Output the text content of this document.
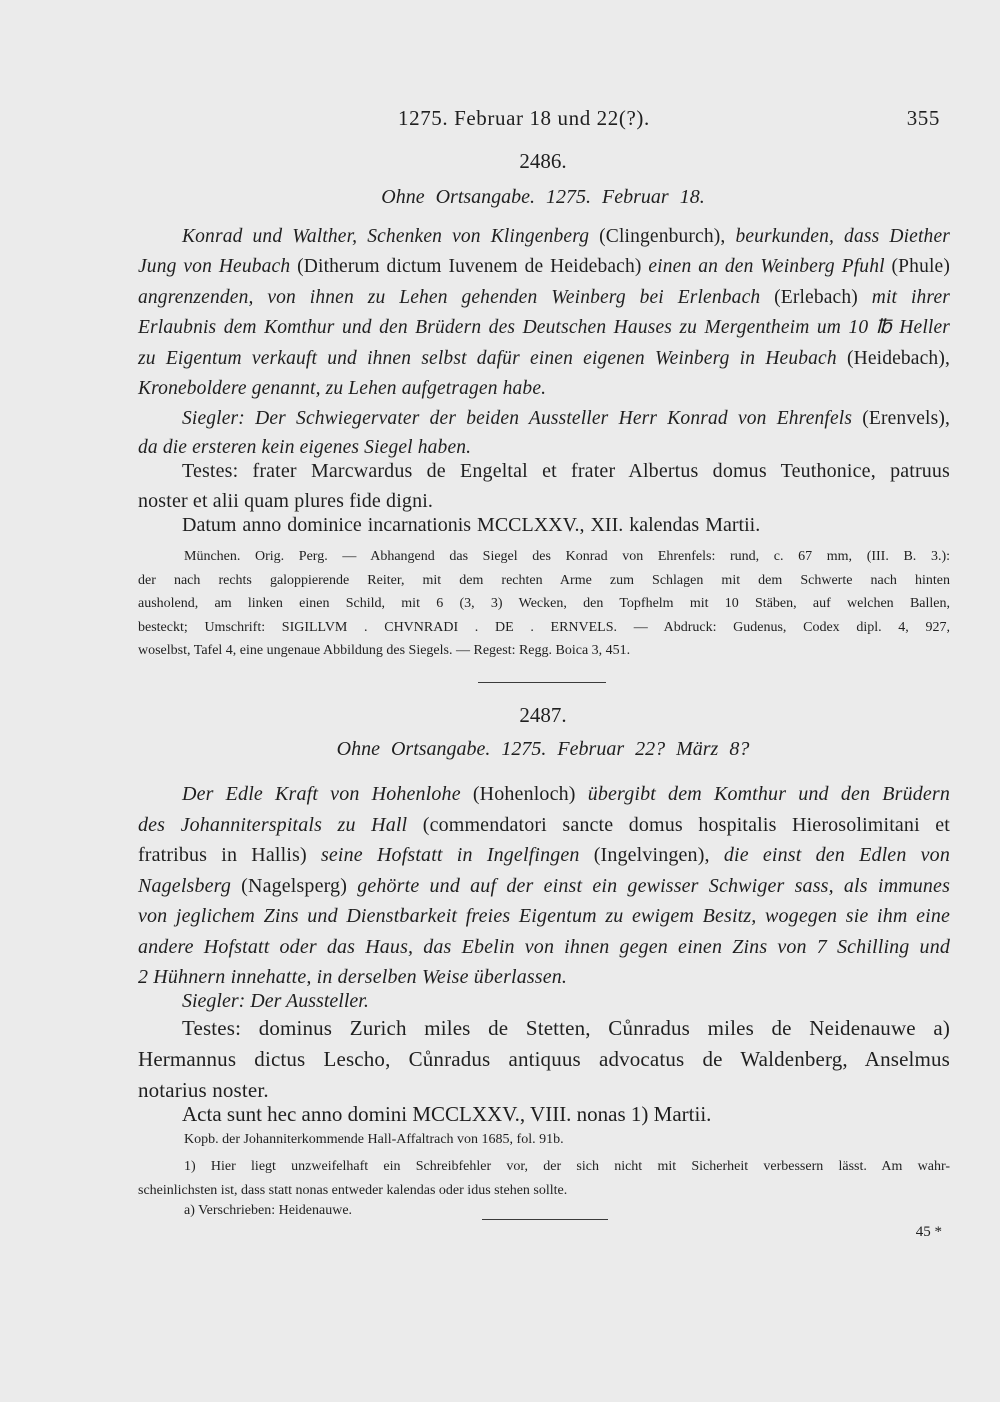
1275. Februar 18 und 22(?).	355
2486.
Ohne Ortsangabe. 1275. Februar 18.
Konrad und Walther, Schenken von Klingenberg (Clingenburch), beurkunden, dass Diether
Jung von Heubach (Ditherum dictum Iuvenem de Heidebach) einen an den Weinberg Pfuhl (Phule)
angrenzenden, von ihnen zu Lehen gehenden Weinberg bei Erlenbach (Erlebach) mit ihrer
Erlaubnis dem Komthur und den Brüdern des Deutschen Hauses zu Mergentheim um 10 ℔ Heller
zu Eigentum verkauft und ihnen selbst dafür einen eigenen Weinberg in Heubach (Heidebach),
Kroneboldere genannt, zu Lehen aufgetragen habe.
Siegler: Der Schwiegervater der beiden Aussteller Herr Konrad von Ehrenfels (Erenvels),
da die ersteren kein eigenes Siegel haben.
Testes: frater Marcwardus de Engeltal et frater Albertus domus Teuthonice, patruus
noster et alii quam plures fide digni.
Datum anno dominice incarnationis MCCLXXV., XII. kalendas Martii.
München. Orig. Perg. — Abhangend das Siegel des Konrad von Ehrenfels: rund, c. 67 mm, (III. B. 3.):
der nach rechts galoppierende Reiter, mit dem rechten Arme zum Schlagen mit dem Schwerte nach hinten
ausholend, am linken einen Schild, mit 6 (3, 3) Wecken, den Topfhelm mit 10 Stäben, auf welchen Ballen,
besteckt; Umschrift: SIGILLVM . CHVNRADI . DE . ERNVELS. — Abdruck: Gudenus, Codex dipl. 4, 927,
woselbst, Tafel 4, eine ungenaue Abbildung des Siegels. — Regest: Regg. Boica 3, 451.
2487.
Ohne Ortsangabe. 1275. Februar 22? März 8?
Der Edle Kraft von Hohenlohe (Hohenloch) übergibt dem Komthur und den Brüdern
des Johanniterspitals zu Hall (commendatori sancte domus hospitalis Hierosolimitani et
fratribus in Hallis) seine Hofstatt in Ingelfingen (Ingelvingen), die einst den Edlen von
Nagelsberg (Nagelsperg) gehörte und auf der einst ein gewisser Schwiger sass, als immunes
von jeglichem Zins und Dienstbarkeit freies Eigentum zu ewigem Besitz, wogegen sie ihm eine
andere Hofstatt oder das Haus, das Ebelin von ihnen gegen einen Zins von 7 Schilling und
2 Hühnern innehatte, in derselben Weise überlassen.
Siegler: Der Aussteller.
Testes: dominus Zurich miles de Stetten, Cůnradus miles de Neidenauwe a)
Hermannus dictus Lescho, Cůnradus antiquus advocatus de Waldenberg, Anselmus
notarius noster.
Acta sunt hec anno domini MCCLXXV., VIII. nonas 1) Martii.
Kopb. der Johanniterkommende Hall-Affaltrach von 1685, fol. 91b.
1) Hier liegt unzweifelhaft ein Schreibfehler vor, der sich nicht mit Sicherheit verbessern lässt. Am wahr-
scheinlichsten ist, dass statt nonas entweder kalendas oder idus stehen sollte.
a) Verschrieben: Heidenauwe.
45 *
